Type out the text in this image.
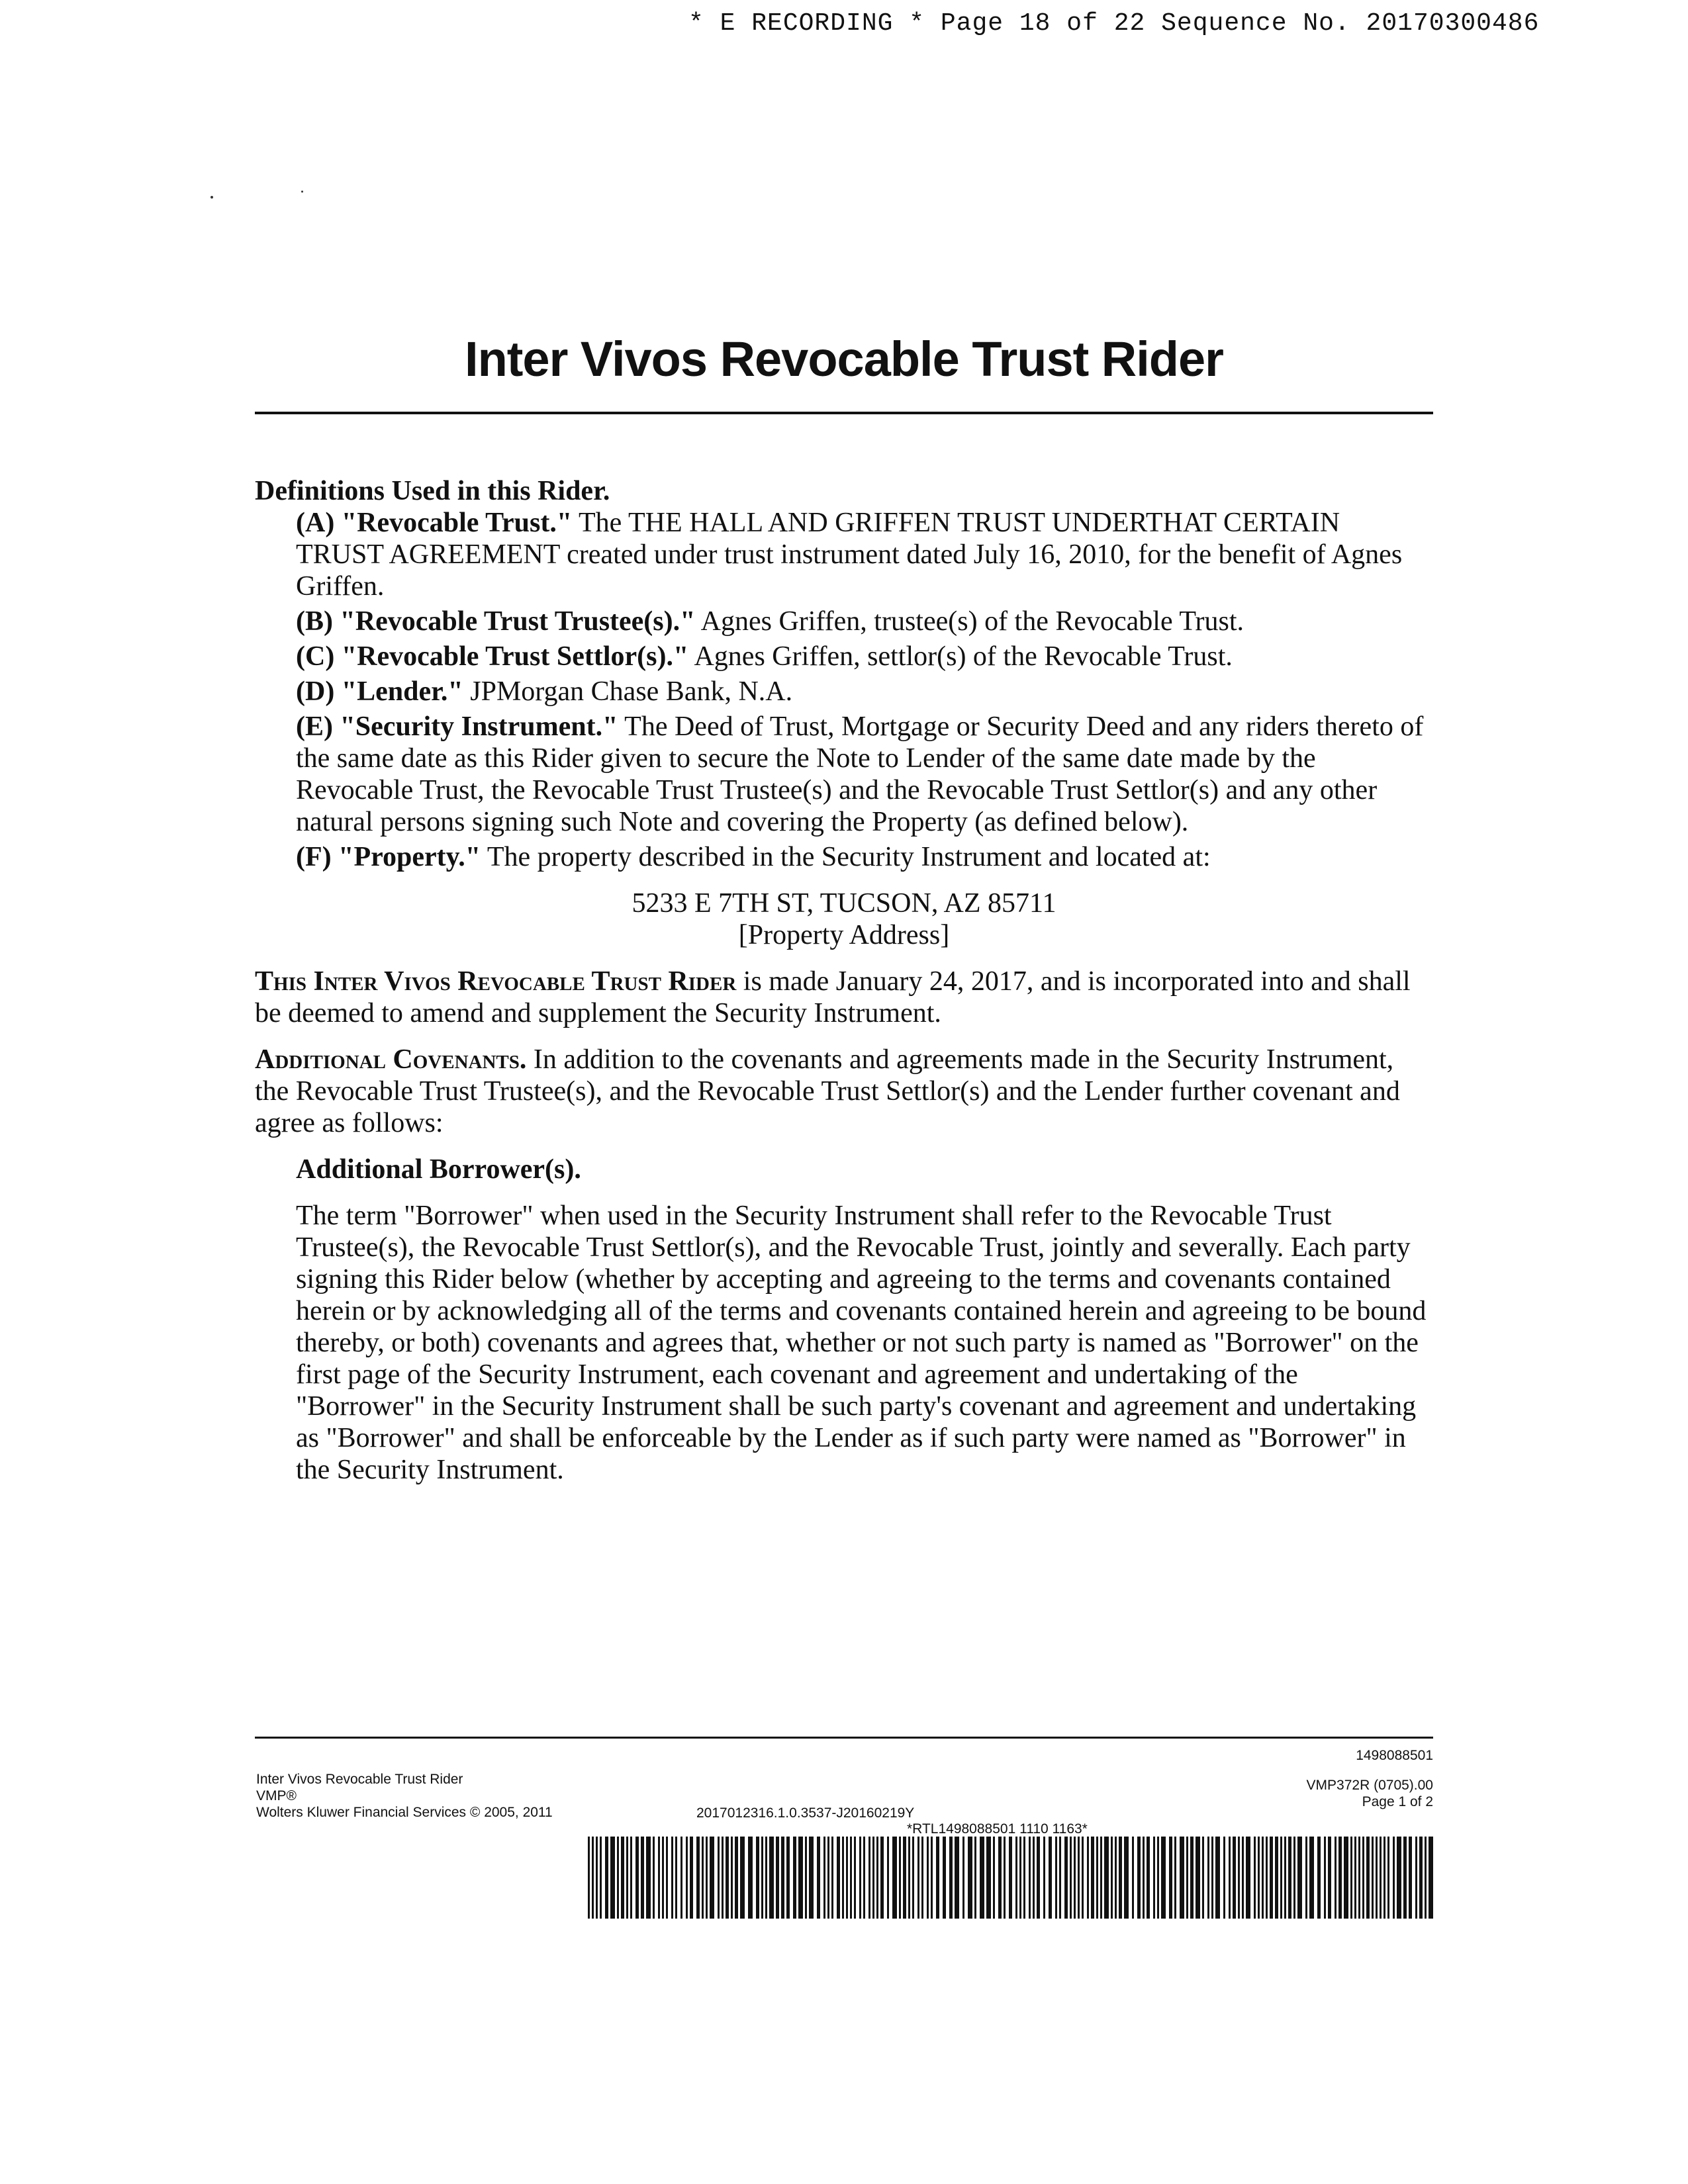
* E RECORDING * Page 18 of 22 Sequence No. 20170300486
Inter Vivos Revocable Trust Rider
Definitions Used in this Rider.

(A) "Revocable Trust." The THE HALL AND GRIFFEN TRUST UNDERTHAT CERTAIN TRUST AGREEMENT created under trust instrument dated July 16, 2010, for the benefit of Agnes Griffen.

(B) "Revocable Trust Trustee(s)." Agnes Griffen, trustee(s) of the Revocable Trust.

(C) "Revocable Trust Settlor(s)." Agnes Griffen, settlor(s) of the Revocable Trust.

(D) "Lender." JPMorgan Chase Bank, N.A.

(E) "Security Instrument." The Deed of Trust, Mortgage or Security Deed and any riders thereto of the same date as this Rider given to secure the Note to Lender of the same date made by the Revocable Trust, the Revocable Trust Trustee(s) and the Revocable Trust Settlor(s) and any other natural persons signing such Note and covering the Property (as defined below).

(F) "Property." The property described in the Security Instrument and located at:

5233 E 7TH ST, TUCSON, AZ 85711

[Property Address]

This Inter Vivos Revocable Trust Rider is made January 24, 2017, and is incorporated into and shall be deemed to amend and supplement the Security Instrument.

Additional Covenants. In addition to the covenants and agreements made in the Security Instrument, the Revocable Trust Trustee(s), and the Revocable Trust Settlor(s) and the Lender further covenant and agree as follows:

Additional Borrower(s).

The term "Borrower" when used in the Security Instrument shall refer to the Revocable Trust Trustee(s), the Revocable Trust Settlor(s), and the Revocable Trust, jointly and severally. Each party signing this Rider below (whether by accepting and agreeing to the terms and covenants contained herein or by acknowledging all of the terms and covenants contained herein and agreeing to be bound thereby, or both) covenants and agrees that, whether or not such party is named as "Borrower" on the first page of the Security Instrument, each covenant and agreement and undertaking of the "Borrower" in the Security Instrument shall be such party's covenant and agreement and undertaking as "Borrower" and shall be enforceable by the Lender as if such party were named as "Borrower" in the Security Instrument.

Inter Vivos Revocable Trust Rider
VMP®
Wolters Kluwer Financial Services © 2005, 2011	2017012316.1.0.3537-J20160219Y
1498088501
VMP372R (0705).00
Page 1 of 2
*RTL1498088501 1110 1163*
